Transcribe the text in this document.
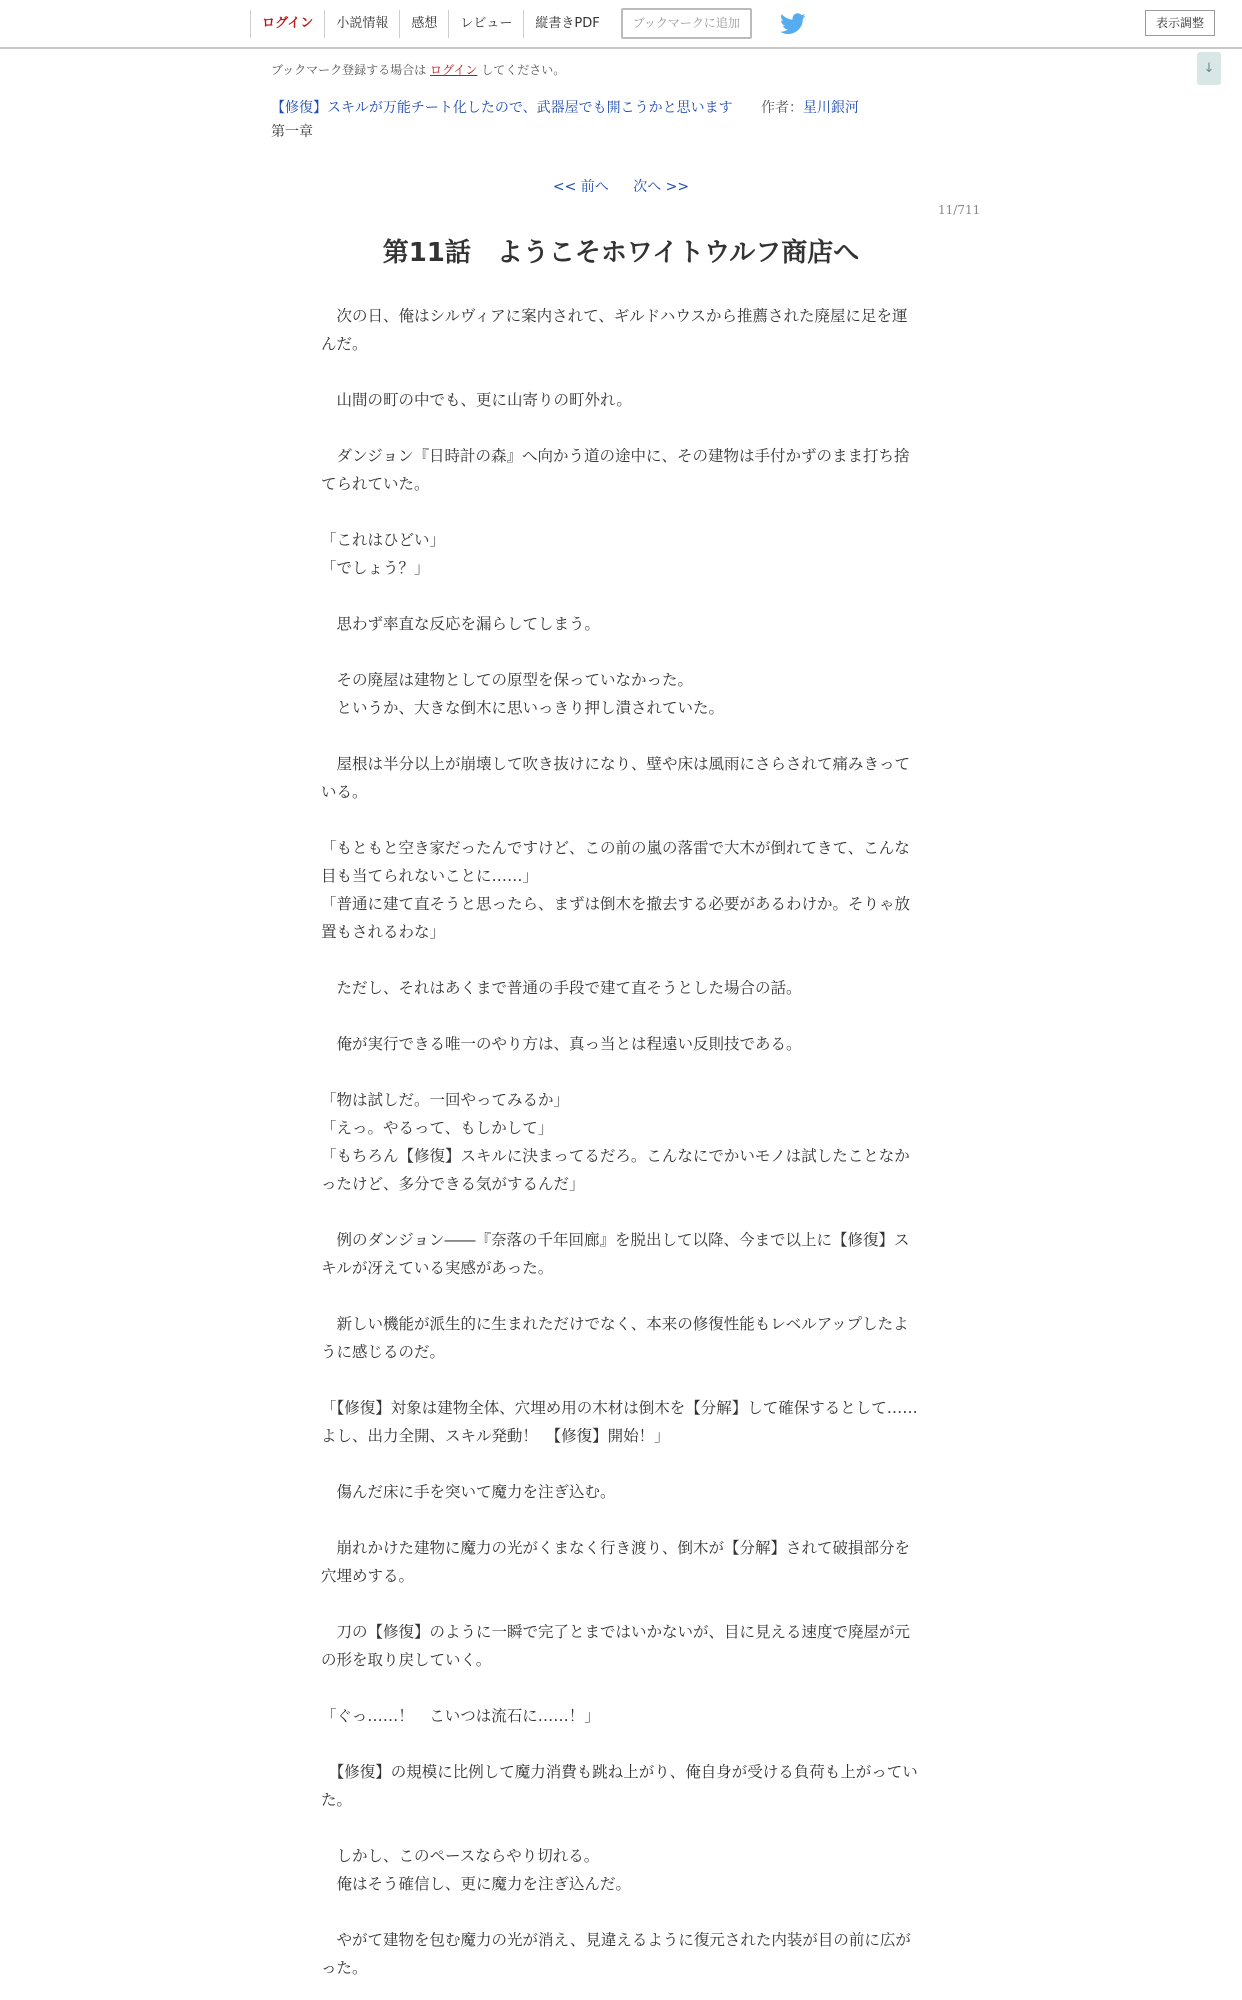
ログイン	小説情報	感想	レビュー	縦書きPDF	ブックマークに追加	表示調整
↓
ブックマーク登録する場合は ログイン してください。
【修復】スキルが万能チート化したので、武器屋でも開こうかと思います 作者：星川銀河
第一章
<< 前へ 次へ >>
11/711
第11話　ようこそホワイトウルフ商店へ

　次の日、俺はシルヴィアに案内されて、ギルドハウスから推薦された廃屋に足を運んだ。

　山間の町の中でも、更に山寄りの町外れ。

　ダンジョン『日時計の森』へ向かう道の途中に、その建物は手付かずのまま打ち捨てられていた。

「これはひどい」

「でしょう？」

　思わず率直な反応を漏らしてしまう。

　その廃屋は建物としての原型を保っていなかった。

　というか、大きな倒木に思いっきり押し潰されていた。

　屋根は半分以上が崩壊して吹き抜けになり、壁や床は風雨にさらされて痛みきっている。

「もともと空き家だったんですけど、この前の嵐の落雷で大木が倒れてきて、こんな目も当てられないことに……」

「普通に建て直そうと思ったら、まずは倒木を撤去する必要があるわけか。そりゃ放置もされるわな」

　ただし、それはあくまで普通の手段で建て直そうとした場合の話。

　俺が実行できる唯一のやり方は、真っ当とは程遠い反則技である。

「物は試しだ。一回やってみるか」

「えっ。やるって、もしかして」

「もちろん【修復】スキルに決まってるだろ。こんなにでかいモノは試したことなかったけど、多分できる気がするんだ」

　例のダンジョン――『奈落の千年回廊』を脱出して以降、今まで以上に【修復】スキルが冴えている実感があった。

　新しい機能が派生的に生まれただけでなく、本来の修復性能もレベルアップしたように感じるのだ。

「【修復】対象は建物全体、穴埋め用の木材は倒木を【分解】して確保するとして……よし、出力全開、スキル発動！　【修復】開始！」

　傷んだ床に手を突いて魔力を注ぎ込む。

　崩れかけた建物に魔力の光がくまなく行き渡り、倒木が【分解】されて破損部分を穴埋めする。

　刀の【修復】のように一瞬で完了とまではいかないが、目に見える速度で廃屋が元の形を取り戻していく。

「ぐっ……！　こいつは流石に……！」

　【修復】の規模に比例して魔力消費も跳ね上がり、俺自身が受ける負荷も上がっていた。

　しかし、このペースならやり切れる。

　俺はそう確信し、更に魔力を注ぎ込んだ。

　やがて建物を包む魔力の光が消え、見違えるように復元された内装が目の前に広がった。
